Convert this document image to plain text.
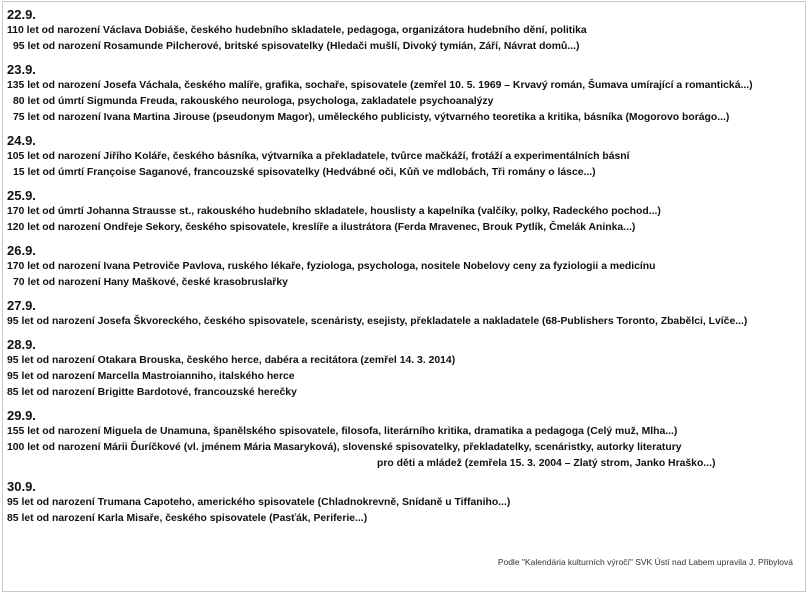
22.9.
110 let od narození Václava Dobiáše, českého hudebního skladatele, pedagoga, organizátora hudebního dění, politika
95 let od narození Rosamunde Pilcherové, britské spisovatelky (Hledači mušlí, Divoký tymián, Září, Návrat domů...)
23.9.
135 let od narození Josefa Váchala, českého malíře, grafika, sochaře, spisovatele (zemřel 10. 5. 1969 – Krvavý román, Šumava umírající a romantická...)
80 let od úmrtí Sigmunda Freuda, rakouského neurologa, psychologa, zakladatele psychoanalýzy
75 let od narození Ivana Martina Jirouse (pseudonym Magor), uměleckého publicisty, výtvarného teoretika a kritika, básníka (Mogorovo borágo...)
24.9.
105 let od narození Jiřího Koláře, českého básníka, výtvarníka a překladatele, tvůrce mačkáží, frotáží a experimentálních básní
15 let od úmrtí Françoise Saganové, francouzské spisovatelky (Hedvábné oči, Kůň ve mdlobách, Tři romány o lásce...)
25.9.
170 let od úmrtí Johanna Strausse st., rakouského hudebního skladatele, houslisty a kapelníka (valčíky, polky, Radeckého pochod...)
120 let od narození Ondřeje Sekory, českého spisovatele, kreslíře a ilustrátora (Ferda Mravenec, Brouk Pytlík, Čmelák Aninka...)
26.9.
170 let od narození Ivana Petroviče Pavlova, ruského lékaře, fyziologa, psychologa, nositele Nobelovy ceny za fyziologii a medicínu
70 let od narození Hany Maškové, české krasobruslařky
27.9.
95 let od narození Josefa Škvoreckého, českého spisovatele, scenáristy, esejisty, překladatele a nakladatele (68-Publishers Toronto, Zbabělci, Lvíče...)
28.9.
95 let od narození Otakara Brouska, českého herce, dabéra a recitátora (zemřel 14. 3. 2014)
95 let od narození Marcella Mastroianniho, italského herce
85 let od narození Brigitte Bardotové, francouzské herečky
29.9.
155 let od narození Miguela de Unamuna, španělského spisovatele, filosofa, literárního kritika, dramatika a pedagoga (Celý muž, Mlha...)
100 let od narození Márii Ďuríčkové (vl. jménem Mária Masaryková), slovenské spisovatelky, překladatelky, scenáristky, autorky literatury
pro děti a mládež (zemřela 15. 3. 2004 – Zlatý strom, Janko Hraško...)
30.9.
95 let od narození Trumana Capoteho, amerického spisovatele (Chladnokrevně, Snídaně u Tiffaniho...)
85 let od narození Karla Misaře, českého spisovatele (Pasťák, Periferie...)
Podle "Kalendária kulturních výročí" SVK Ústí nad Labem upravila J. Přibylová
